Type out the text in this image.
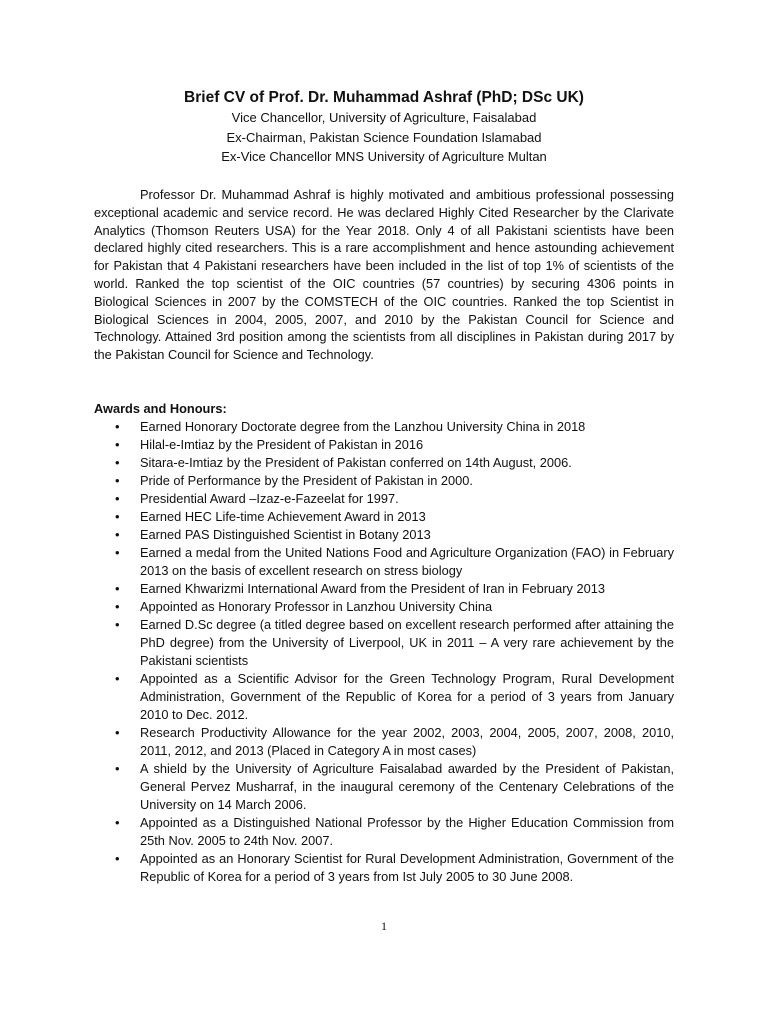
Brief CV of Prof. Dr. Muhammad Ashraf (PhD; DSc UK)

Vice Chancellor, University of Agriculture, Faisalabad

Ex-Chairman, Pakistan Science Foundation Islamabad

Ex-Vice Chancellor MNS University of Agriculture Multan

Professor Dr. Muhammad Ashraf is highly motivated and ambitious professional possessing exceptional academic and service record. He was declared Highly Cited Researcher by the Clarivate Analytics (Thomson Reuters USA) for the Year 2018. Only 4 of all Pakistani scientists have been declared highly cited researchers. This is a rare accomplishment and hence astounding achievement for Pakistan that 4 Pakistani researchers have been included in the list of top 1% of scientists of the world. Ranked the top scientist of the OIC countries (57 countries) by securing 4306 points in Biological Sciences in 2007 by the COMSTECH of the OIC countries. Ranked the top Scientist in Biological Sciences in 2004, 2005, 2007, and 2010 by the Pakistan Council for Science and Technology. Attained 3rd position among the scientists from all disciplines in Pakistan during 2017 by the Pakistan Council for Science and Technology.

Awards and Honours:

• Earned Honorary Doctorate degree from the Lanzhou University China in 2018
• Hilal-e-Imtiaz by the President of Pakistan in 2016
• Sitara-e-Imtiaz by the President of Pakistan conferred on 14th August, 2006.
• Pride of Performance by the President of Pakistan in 2000.
• Presidential Award –Izaz-e-Fazeelat for 1997.
• Earned HEC Life-time Achievement Award in 2013
• Earned PAS Distinguished Scientist in Botany 2013
• Earned a medal from the United Nations Food and Agriculture Organization (FAO) in February 2013 on the basis of excellent research on stress biology
• Earned Khwarizmi International Award from the President of Iran in February 2013
• Appointed as Honorary Professor in Lanzhou University China
• Earned D.Sc degree (a titled degree based on excellent research performed after attaining the PhD degree) from the University of Liverpool, UK in 2011 – A very rare achievement by the Pakistani scientists
• Appointed as a Scientific Advisor for the Green Technology Program, Rural Development Administration, Government of the Republic of Korea for a period of 3 years from January 2010 to Dec. 2012.
• Research Productivity Allowance for the year 2002, 2003, 2004, 2005, 2007, 2008, 2010, 2011, 2012, and 2013 (Placed in Category A in most cases)
• A shield by the University of Agriculture Faisalabad awarded by the President of Pakistan, General Pervez Musharraf, in the inaugural ceremony of the Centenary Celebrations of the University on 14 March 2006.
• Appointed as a Distinguished National Professor by the Higher Education Commission from 25th Nov. 2005 to 24th Nov. 2007.
• Appointed as an Honorary Scientist for Rural Development Administration, Government of the Republic of Korea for a period of 3 years from Ist July 2005 to 30 June 2008.
1
